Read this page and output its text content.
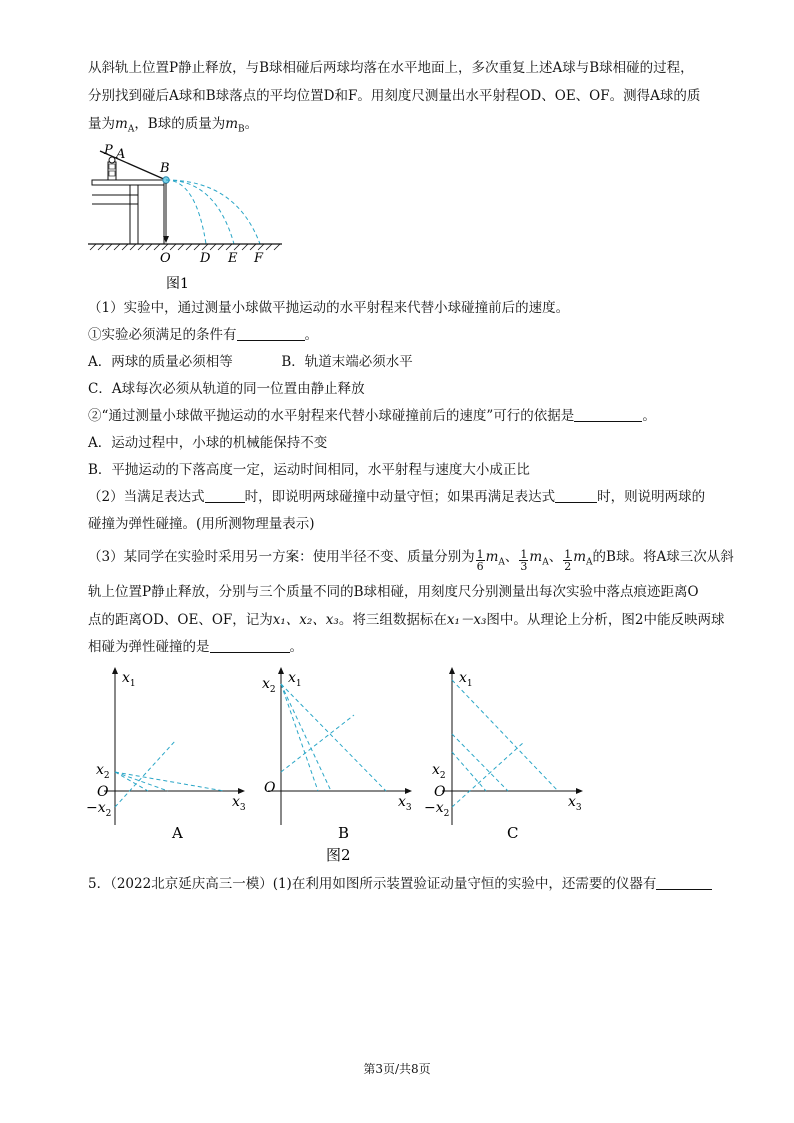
从斜轨上位置P静止释放，与B球相碰后两球均落在水平地面上，多次重复上述A球与B球相碰的过程，
分别找到碰后A球和B球落点的平均位置D和F。用刻度尺测量出水平射程OD、OE、OF。测得A球的质
量为$m_A$，B球的质量为$m_B$。
P A
B
O D E F
图1
（1）实验中，通过测量小球做平抛运动的水平射程来代替小球碰撞前后的速度。
①实验必须满足的条件有	。
A．两球的质量必须相等	B．轨道末端必须水平
C．A球每次必须从轨道的同一位置由静止释放
②“通过测量小球做平抛运动的水平射程来代替小球碰撞前后的速度”可行的依据是	。
A．运动过程中，小球的机械能保持不变
B．平抛运动的下落高度一定，运动时间相同，水平射程与速度大小成正比
（2）当满足表达式	时，即说明两球碰撞中动量守恒；如果再满足表达式	时，则说明两球的
碰撞为弹性碰撞。(用所测物理量表示)
（3）某同学在实验时采用另一方案：使用半径不变、质量分别为 $\frac{1}{6} m_A$、 $\frac{1}{3} m_A$、 $\frac{1}{2} m_A$的B球。将A球三次从斜
轨上位置P静止释放，分别与三个质量不同的B球相碰，用刻度尺分别测量出每次实验中落点痕迹距离O
点的距离OD、OE、OF，记为x₁、x₂、x₃。将三组数据标在x₁－x₃图中。从理论上分析，图2中能反映两球
相碰为弹性碰撞的是	。
$x_1$
$x_2$
O
$-x_2$
$x_3$
A
$x_1$
$x_2$
O
$x_3$
B
$x_1$
$x_2$
O
$-x_2$
$x_3$
C
图2
5．（2022北京延庆高三一模）(1)在利用如图所示装置验证动量守恒的实验中，还需要的仪器有
第3页/共8页
